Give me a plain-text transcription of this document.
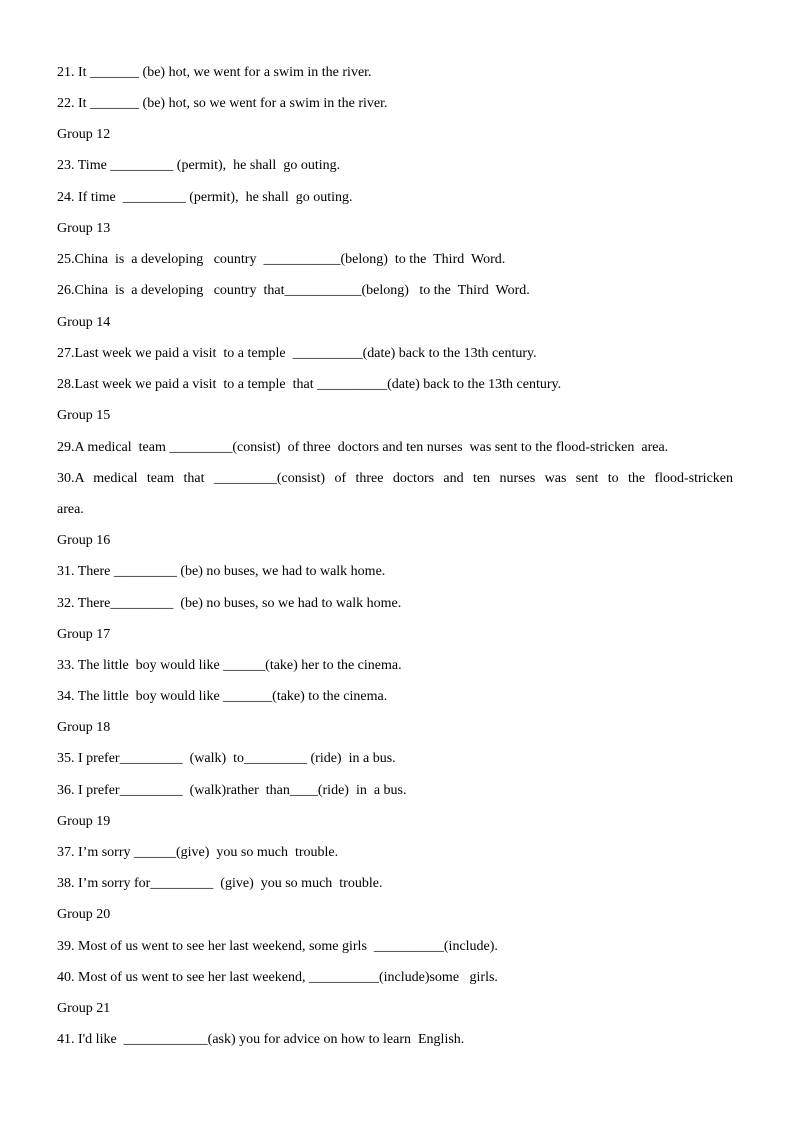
21. It _______ (be) hot, we went for a swim in the river.
22. It _______ (be) hot, so we went for a swim in the river.
Group 12
23. Time _________ (permit),  he shall  go outing.
24. If time  _________ (permit),  he shall  go outing.
Group 13
25.China  is  a developing   country  ___________(belong)  to the  Third  Word.
26.China  is  a developing   country  that___________(belong)   to the  Third  Word.
Group 14
27.Last week we paid a visit  to a temple  __________(date) back to the 13th century.
28.Last week we paid a visit  to a temple  that __________(date) back to the 13th century.
Group 15
29.A medical  team _________(consist)  of three  doctors and ten nurses  was sent to the flood-stricken  area.
30.A medical team that _________(consist) of three doctors and ten nurses was sent to the flood-stricken
area.
Group 16
31. There _________ (be) no buses, we had to walk home.
32. There_________  (be) no buses, so we had to walk home.
Group 17
33. The little  boy would like ______(take) her to the cinema.
34. The little  boy would like _______(take) to the cinema.
Group 18
35. I prefer_________  (walk)  to_________ (ride)  in a bus.
36. I prefer_________  (walk)rather  than____(ride)  in  a bus.
Group 19
37. I’m sorry ______(give)  you so much  trouble.
38. I’m sorry for_________  (give)  you so much  trouble.
Group 20
39. Most of us went to see her last weekend, some girls  __________(include).
40. Most of us went to see her last weekend, __________(include)some   girls.
Group 21
41. I'd like  ____________(ask) you for advice on how to learn  English.
